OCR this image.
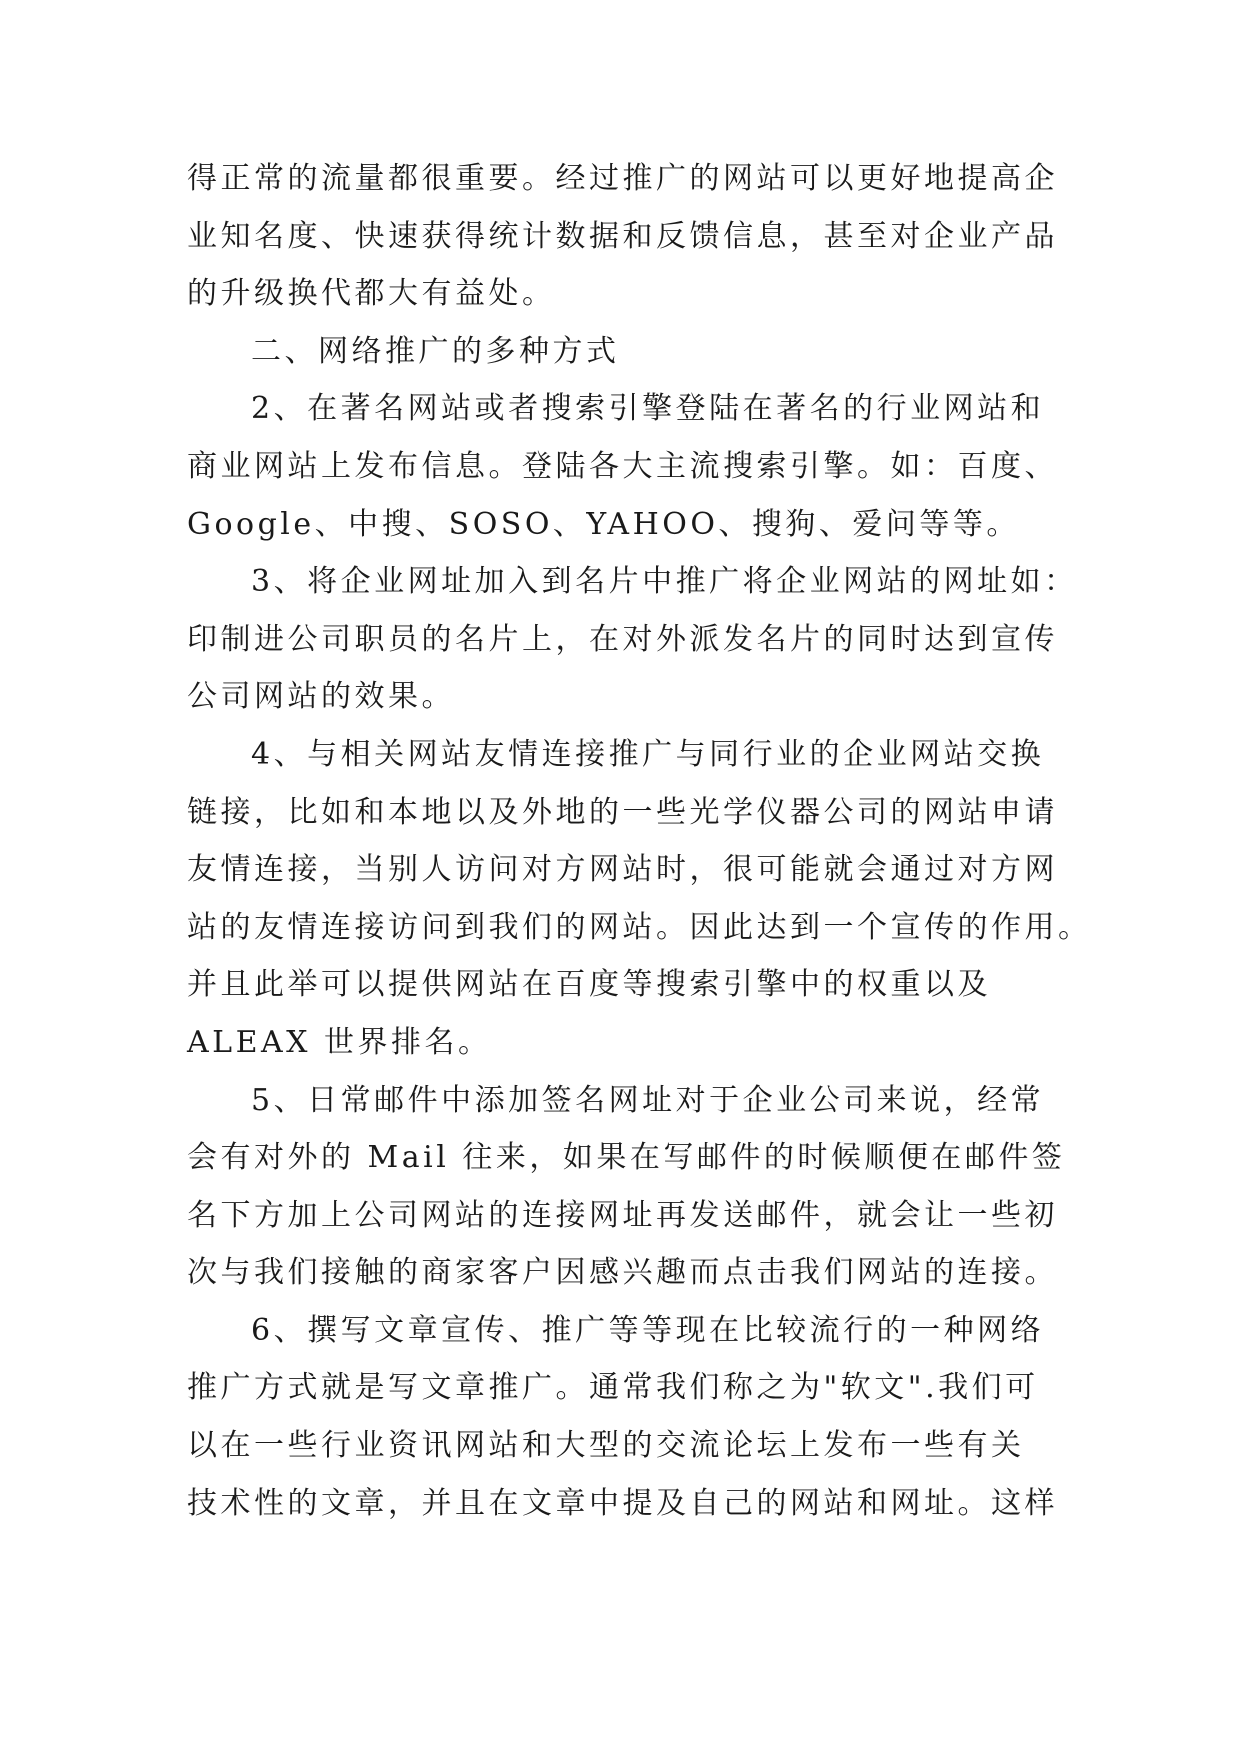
得正常的流量都很重要。经过推广的网站可以更好地提高企
业知名度、快速获得统计数据和反馈信息，甚至对企业产品
的升级换代都大有益处。
二、网络推广的多种方式
2、在著名网站或者搜索引擎登陆在著名的行业网站和
商业网站上发布信息。登陆各大主流搜索引擎。如：百度、
Google、中搜、SOSO、YAHOO、搜狗、爱问等等。
3、将企业网址加入到名片中推广将企业网站的网址如：
印制进公司职员的名片上，在对外派发名片的同时达到宣传
公司网站的效果。
4、与相关网站友情连接推广与同行业的企业网站交换
链接，比如和本地以及外地的一些光学仪器公司的网站申请
友情连接，当别人访问对方网站时，很可能就会通过对方网
站的友情连接访问到我们的网站。因此达到一个宣传的作用。
并且此举可以提供网站在百度等搜索引擎中的权重以及
ALEAX 世界排名。
5、日常邮件中添加签名网址对于企业公司来说，经常
会有对外的 Mail 往来，如果在写邮件的时候顺便在邮件签
名下方加上公司网站的连接网址再发送邮件，就会让一些初
次与我们接触的商家客户因感兴趣而点击我们网站的连接。
6、撰写文章宣传、推广等等现在比较流行的一种网络
推广方式就是写文章推广。通常我们称之为"软文".我们可
以在一些行业资讯网站和大型的交流论坛上发布一些有关
技术性的文章，并且在文章中提及自己的网站和网址。这样
